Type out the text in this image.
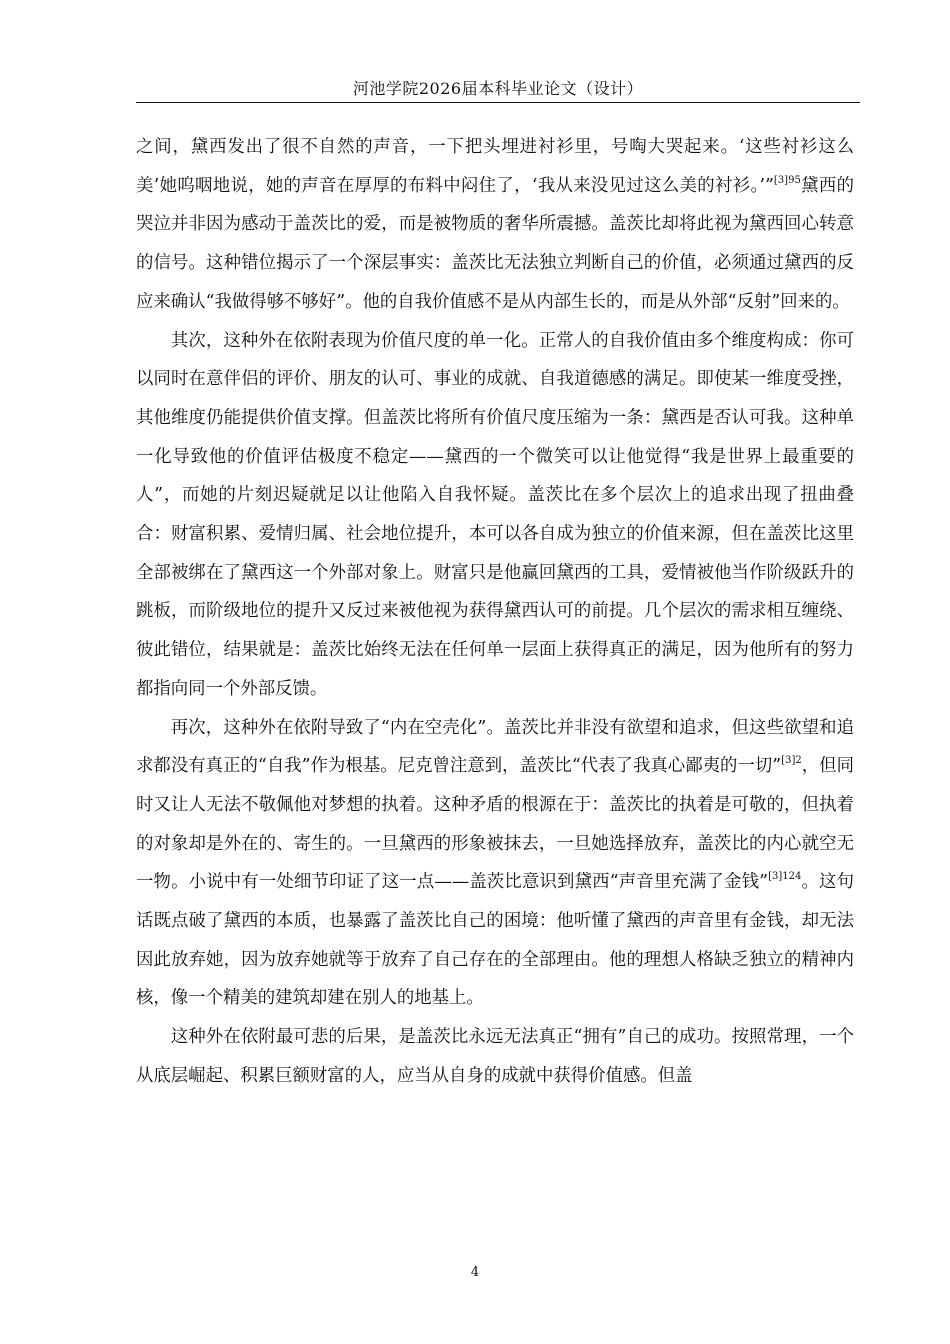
河池学院2026届本科毕业论文（设计）

之间，黛西发出了很不自然的声音，一下把头埋进衬衫里，号啕大哭起来。‘这些衬衫这么美’她呜咽地说，她的声音在厚厚的布料中闷住了，‘我从来没见过这么美的衬衫。’”$^{[3]95}$黛西的哭泣并非因为感动于盖茨比的爱，而是被物质的奢华所震撼。盖茨比却将此视为黛西回心转意的信号。这种错位揭示了一个深层事实：盖茨比无法独立判断自己的价值，必须通过黛西的反应来确认“我做得够不够好”。他的自我价值感不是从内部生长的，而是从外部“反射”回来的。

其次，这种外在依附表现为价值尺度的单一化。正常人的自我价值由多个维度构成：你可以同时在意伴侣的评价、朋友的认可、事业的成就、自我道德感的满足。即使某一维度受挫，其他维度仍能提供价值支撑。但盖茨比将所有价值尺度压缩为一条：黛西是否认可我。这种单一化导致他的价值评估极度不稳定——黛西的一个微笑可以让他觉得“我是世界上最重要的人”，而她的片刻迟疑就足以让他陷入自我怀疑。盖茨比在多个层次上的追求出现了扭曲叠合：财富积累、爱情归属、社会地位提升，本可以各自成为独立的价值来源，但在盖茨比这里全部被绑在了黛西这一个外部对象上。财富只是他赢回黛西的工具，爱情被他当作阶级跃升的跳板，而阶级地位的提升又反过来被他视为获得黛西认可的前提。几个层次的需求相互缠绕、彼此错位，结果就是：盖茨比始终无法在任何单一层面上获得真正的满足，因为他所有的努力都指向同一个外部反馈。

再次，这种外在依附导致了“内在空壳化”。盖茨比并非没有欲望和追求，但这些欲望和追求都没有真正的“自我”作为根基。尼克曾注意到，盖茨比“代表了我真心鄙夷的一切”$^{[3]2}$，但同时又让人无法不敬佩他对梦想的执着。这种矛盾的根源在于：盖茨比的执着是可敬的，但执着的对象却是外在的、寄生的。一旦黛西的形象被抹去，一旦她选择放弃，盖茨比的内心就空无一物。小说中有一处细节印证了这一点——盖茨比意识到黛西“声音里充满了金钱”$^{[3]124}$。这句话既点破了黛西的本质，也暴露了盖茨比自己的困境：他听懂了黛西的声音里有金钱，却无法因此放弃她，因为放弃她就等于放弃了自己存在的全部理由。他的理想人格缺乏独立的精神内核，像一个精美的建筑却建在别人的地基上。

这种外在依附最可悲的后果，是盖茨比永远无法真正“拥有”自己的成功。按照常理，一个从底层崛起、积累巨额财富的人，应当从自身的成就中获得价值感。但盖

4
